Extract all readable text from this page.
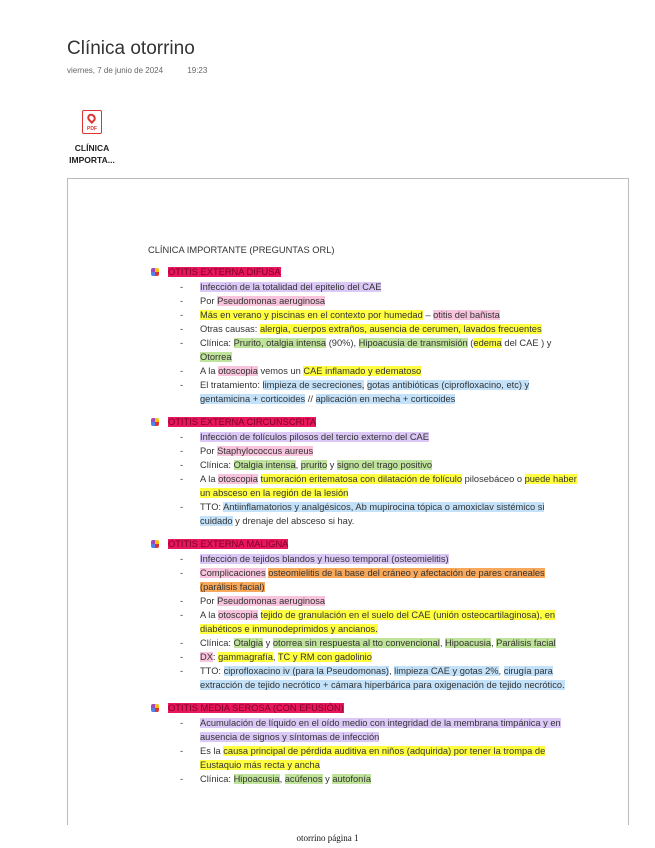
Clínica otorrino
viernes, 7 de junio de 2024	19:23
PDF
CLÍNICA IMPORTA...
CLÍNICA IMPORTANTE (PREGUNTAS ORL)
OTITIS EXTERNA DIFUSA
- Infección de la totalidad del epitelio del CAE
- Por Pseudomonas aeruginosa
- Más en verano y piscinas en el contexto por humedad – otitis del bañista
- Otras causas: alergia, cuerpos extraños, ausencia de cerumen, lavados frecuentes
- Clínica: Prurito, otalgia intensa (90%), Hipoacusia de transmisión (edema del CAE ) y Otorrea
- A la otoscopia vemos un CAE inflamado y edematoso
- El tratamiento: limpieza de secreciones, gotas antibióticas (ciprofloxacino, etc) y gentamicina + corticoides // aplicación en mecha + corticoides
OTITIS EXTERNA CIRCUNSCRITA
- Infección de folículos pilosos del tercio externo del CAE
- Por Staphylococcus aureus
- Clínica: Otalgia intensa, prurito y signo del trago positivo
- A la otoscopia tumoración eritematosa con dilatación de folículo pilosebáceo o puede haber un absceso en la región de la lesión
- TTO: Antiinflamatorios y analgésicos, Ab mupirocina tópica o amoxiclav sistémico si cuidado y drenaje del absceso si hay.
OTITIS EXTERNA MALIGNA
- Infección de tejidos blandos y hueso temporal (osteomielitis)
- Complicaciones osteomielitis de la base del cráneo y afectación de pares craneales (parálisis facial)
- Por Pseudomonas aeruginosa
- A la otoscopia tejido de granulación en el suelo del CAE (unión osteocartilaginosa), en diabéticos e inmunodeprimidos y ancianos.
- Clínica: Otalgia y otorrea sin respuesta al tto convencional, Hipoacusia, Parálisis facial
- DX: gammagrafía, TC y RM con gadolinio
- TTO: ciprofloxacino iv (para la Pseudomonas), limpieza CAE y gotas 2%, cirugía para extracción de tejido necrótico + cámara hiperbárica para oxigenación de tejido necrótico.
OTITIS MEDIA SEROSA (CON EFUSIÓN)
- Acumulación de líquido en el oído medio con integridad de la membrana timpánica y en ausencia de signos y síntomas de infección
- Es la causa principal de pérdida auditiva en niños (adquirida) por tener la trompa de Eustaquio más recta y ancha
- Clínica: Hipoacusia, acúfenos y autofonía
otorrino página 1
